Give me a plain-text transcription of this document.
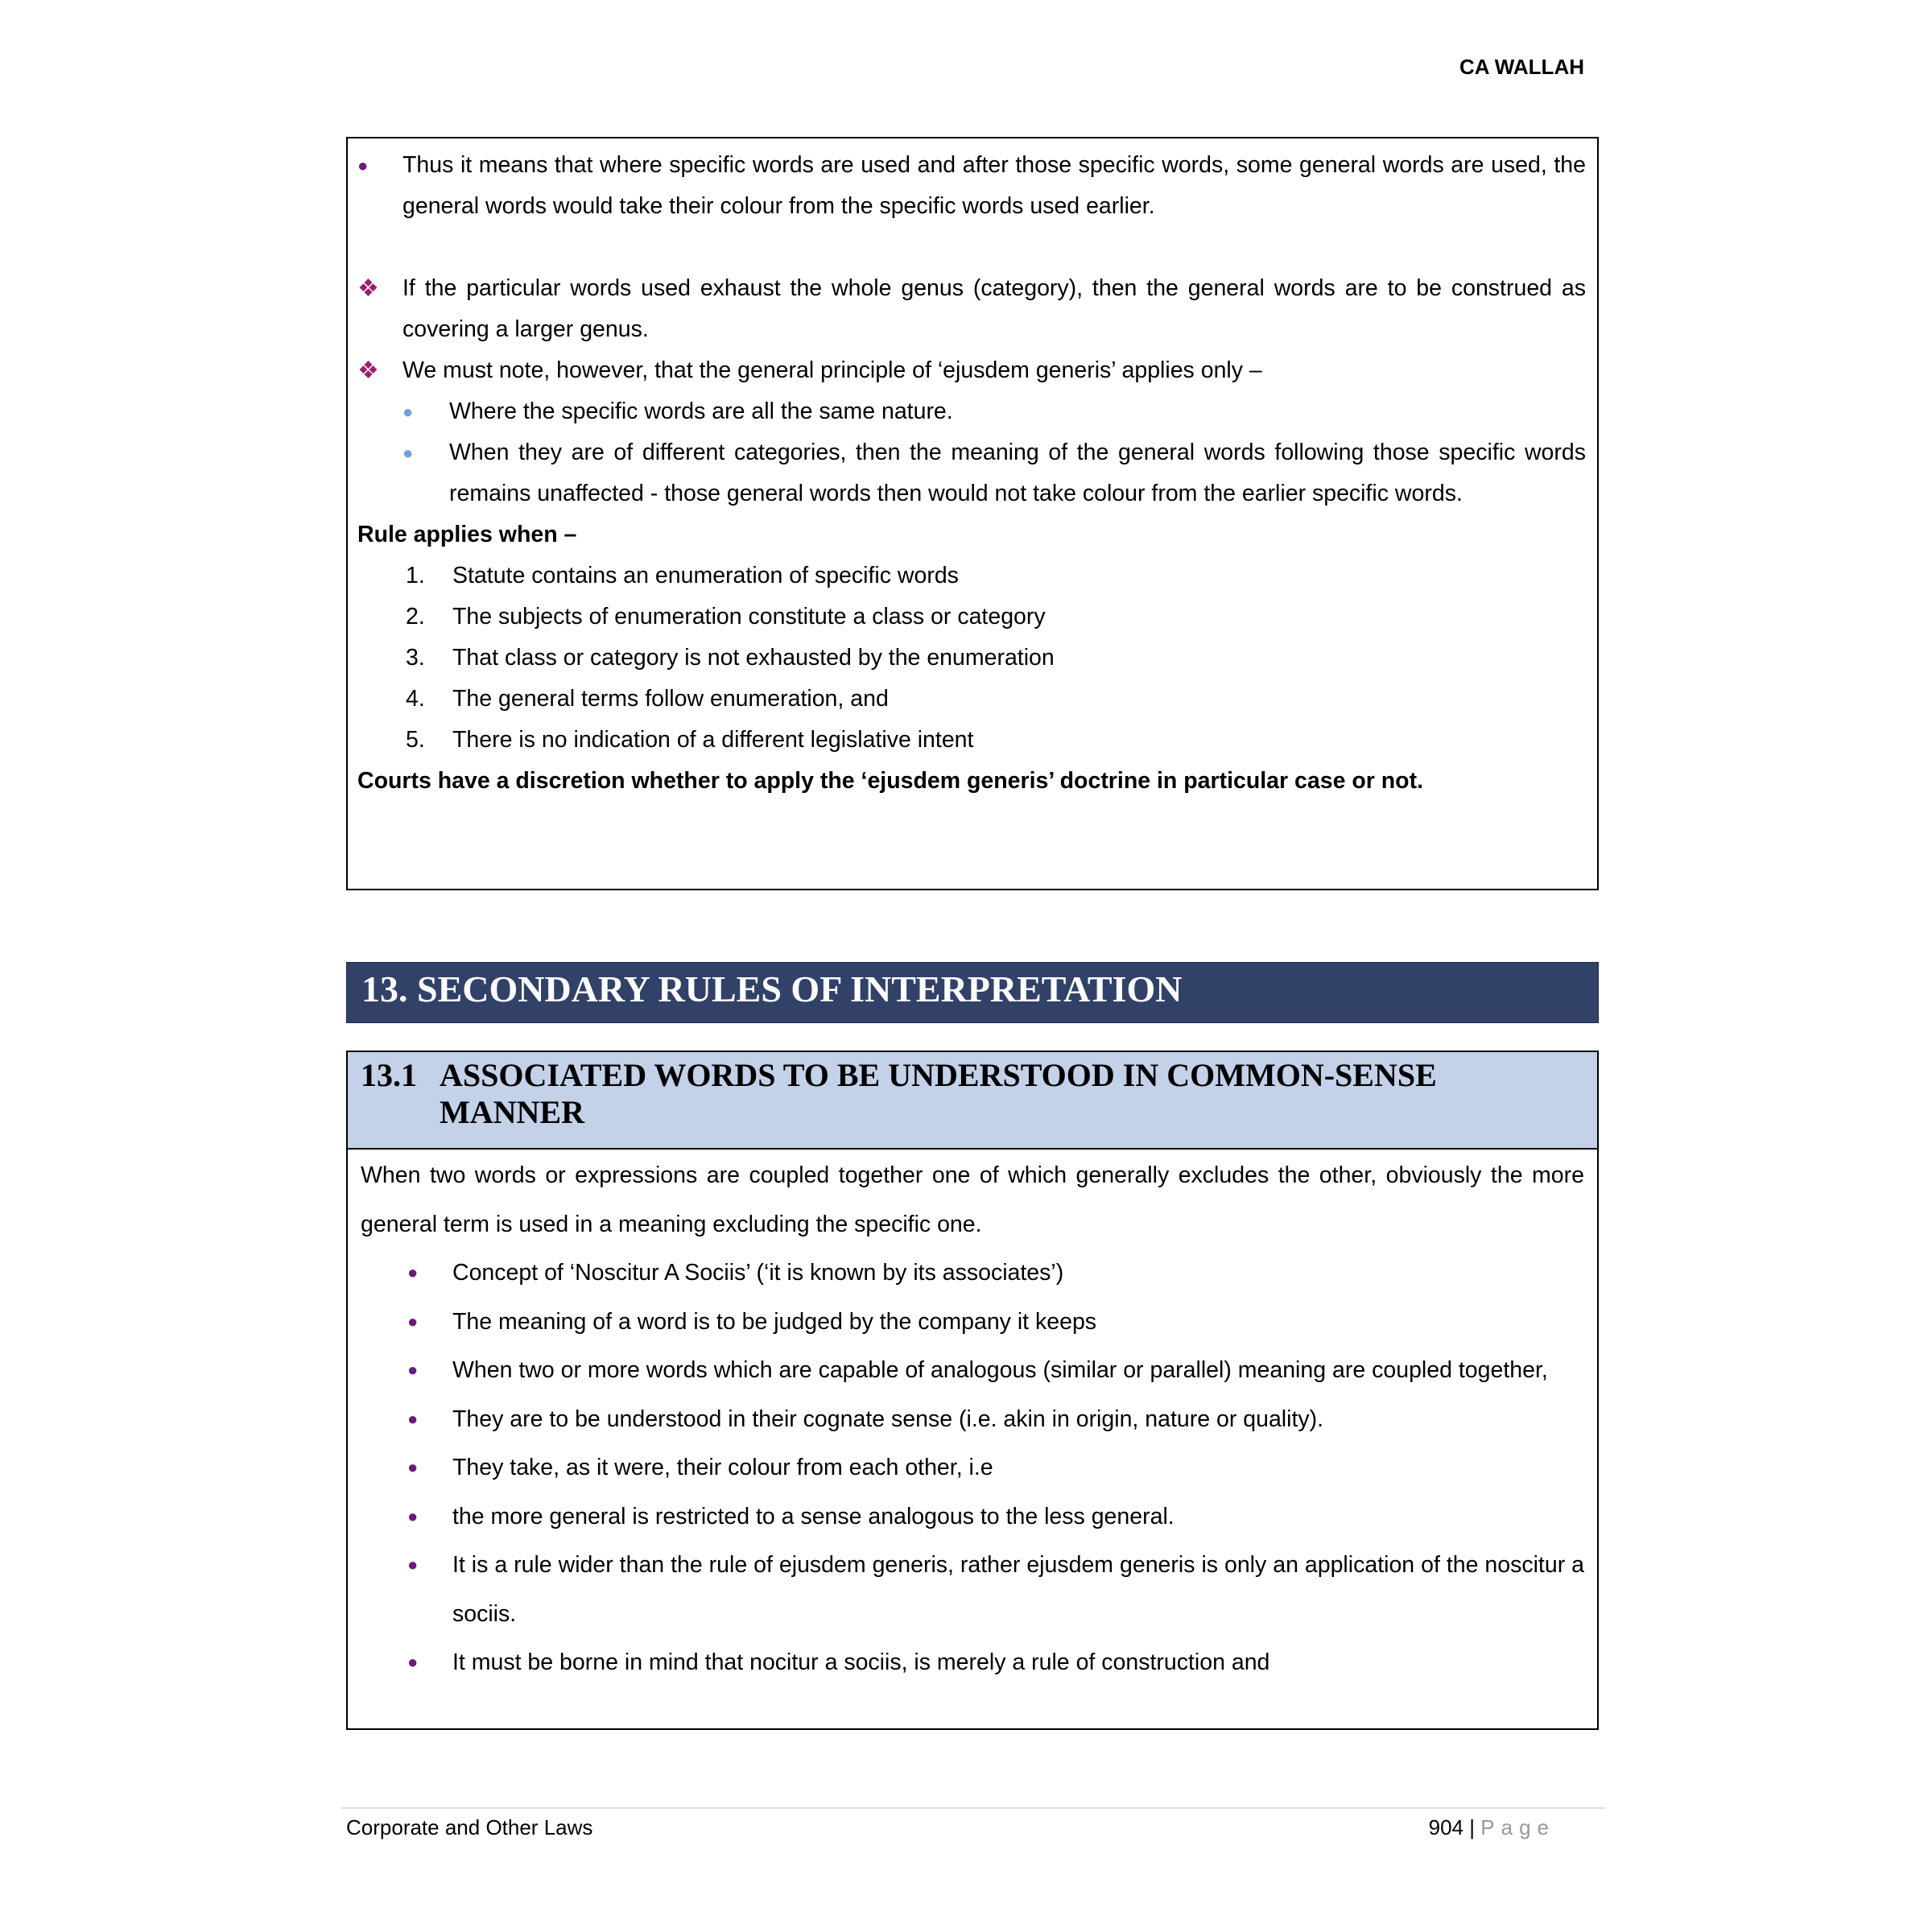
CA WALLAH
● Thus it means that where specific words are used and after those specific words, some general words are used, the general words would take their colour from the specific words used earlier.
❖ If the particular words used exhaust the whole genus (category), then the general words are to be construed as covering a larger genus.
❖ We must note, however, that the general principle of ‘ejusdem generis’ applies only –
● Where the specific words are all the same nature.
● When they are of different categories, then the meaning of the general words following those specific words remains unaffected - those general words then would not take colour from the earlier specific words.
Rule applies when –
1. Statute contains an enumeration of specific words
2. The subjects of enumeration constitute a class or category
3. That class or category is not exhausted by the enumeration
4. The general terms follow enumeration, and
5. There is no indication of a different legislative intent
Courts have a discretion whether to apply the ‘ejusdem generis’ doctrine in particular case or not.
13. SECONDARY RULES OF INTERPRETATION
13.1 ASSOCIATED WORDS TO BE UNDERSTOOD IN COMMON-SENSE MANNER
When two words or expressions are coupled together one of which generally excludes the other, obviously the more general term is used in a meaning excluding the specific one.
● Concept of ‘Noscitur A Sociis’ (‘it is known by its associates’)
● The meaning of a word is to be judged by the company it keeps
● When two or more words which are capable of analogous (similar or parallel) meaning are coupled together,
● They are to be understood in their cognate sense (i.e. akin in origin, nature or quality).
● They take, as it were, their colour from each other, i.e
● the more general is restricted to a sense analogous to the less general.
● It is a rule wider than the rule of ejusdem generis, rather ejusdem generis is only an application of the noscitur a sociis.
● It must be borne in mind that nocitur a sociis, is merely a rule of construction and
Corporate and Other Laws	904 | Page
